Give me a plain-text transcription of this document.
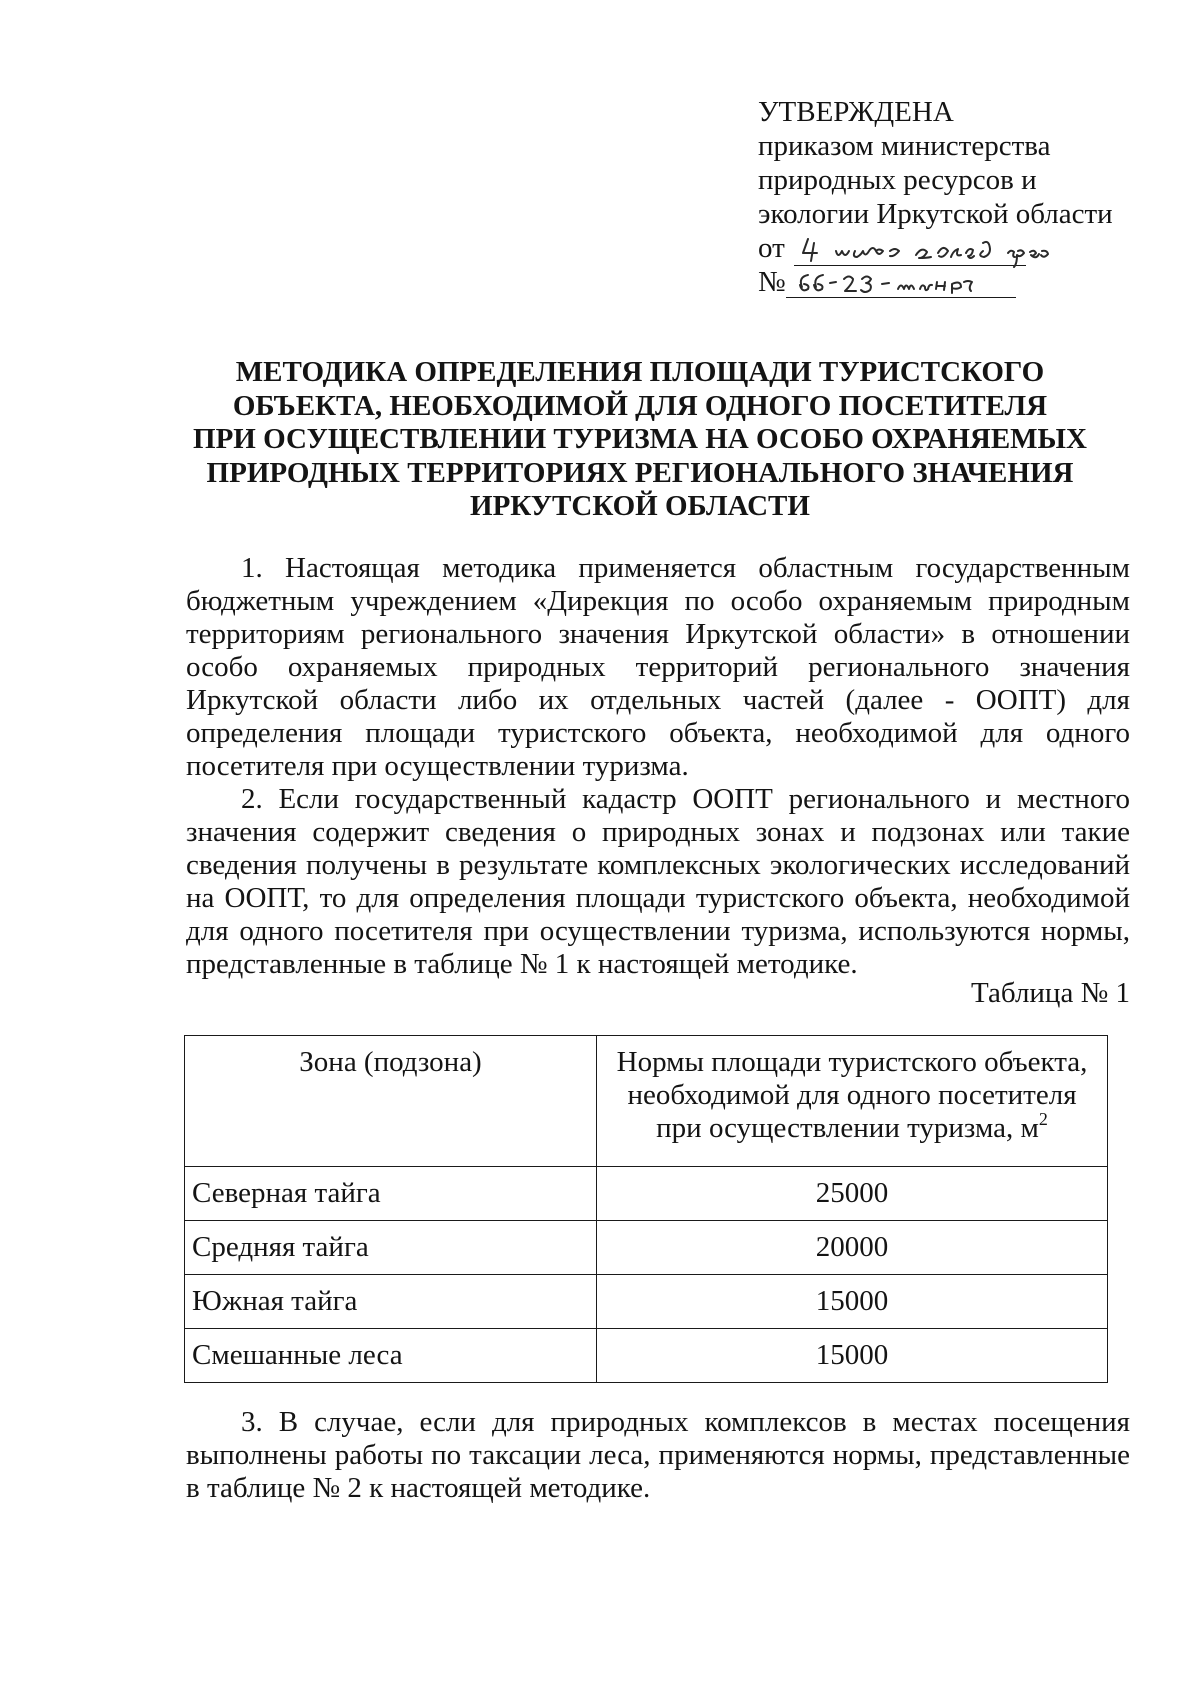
УТВЕРЖДЕНА
приказом министерства
природных ресурсов и
экологии Иркутской области
от
№
МЕТОДИКА ОПРЕДЕЛЕНИЯ ПЛОЩАДИ ТУРИСТСКОГО
ОБЪЕКТА, НЕОБХОДИМОЙ ДЛЯ ОДНОГО ПОСЕТИТЕЛЯ
ПРИ ОСУЩЕСТВЛЕНИИ ТУРИЗМА НА ОСОБО ОХРАНЯЕМЫХ
ПРИРОДНЫХ ТЕРРИТОРИЯХ РЕГИОНАЛЬНОГО ЗНАЧЕНИЯ
ИРКУТСКОЙ ОБЛАСТИ

1. Настоящая методика применяется областным государственным бюджетным учреждением «Дирекция по особо охраняемым природным территориям регионального значения Иркутской области» в отношении особо охраняемых природных территорий регионального значения Иркутской области либо их отдельных частей (далее - ООПТ) для определения площади туристского объекта, необходимой для одного посетителя при осуществлении туризма.

2. Если государственный кадастр ООПТ регионального и местного значения содержит сведения о природных зонах и подзонах или такие сведения получены в результате комплексных экологических исследований на ООПТ, то для определения площади туристского объекта, необходимой для одного посетителя при осуществлении туризма, используются нормы, представленные в таблице № 1 к настоящей методике.

Таблица № 1
Зона (подзона)	Нормы площади туристского объекта,
необходимой для одного посетителя
при осуществлении туризма, $м^2$

Северная тайга	25000
Средняя тайга	20000
Южная тайга	15000
Смешанные леса	15000

3. В случае, если для природных комплексов в местах посещения выполнены работы по таксации леса, применяются нормы, представленные в таблице № 2 к настоящей методике.
